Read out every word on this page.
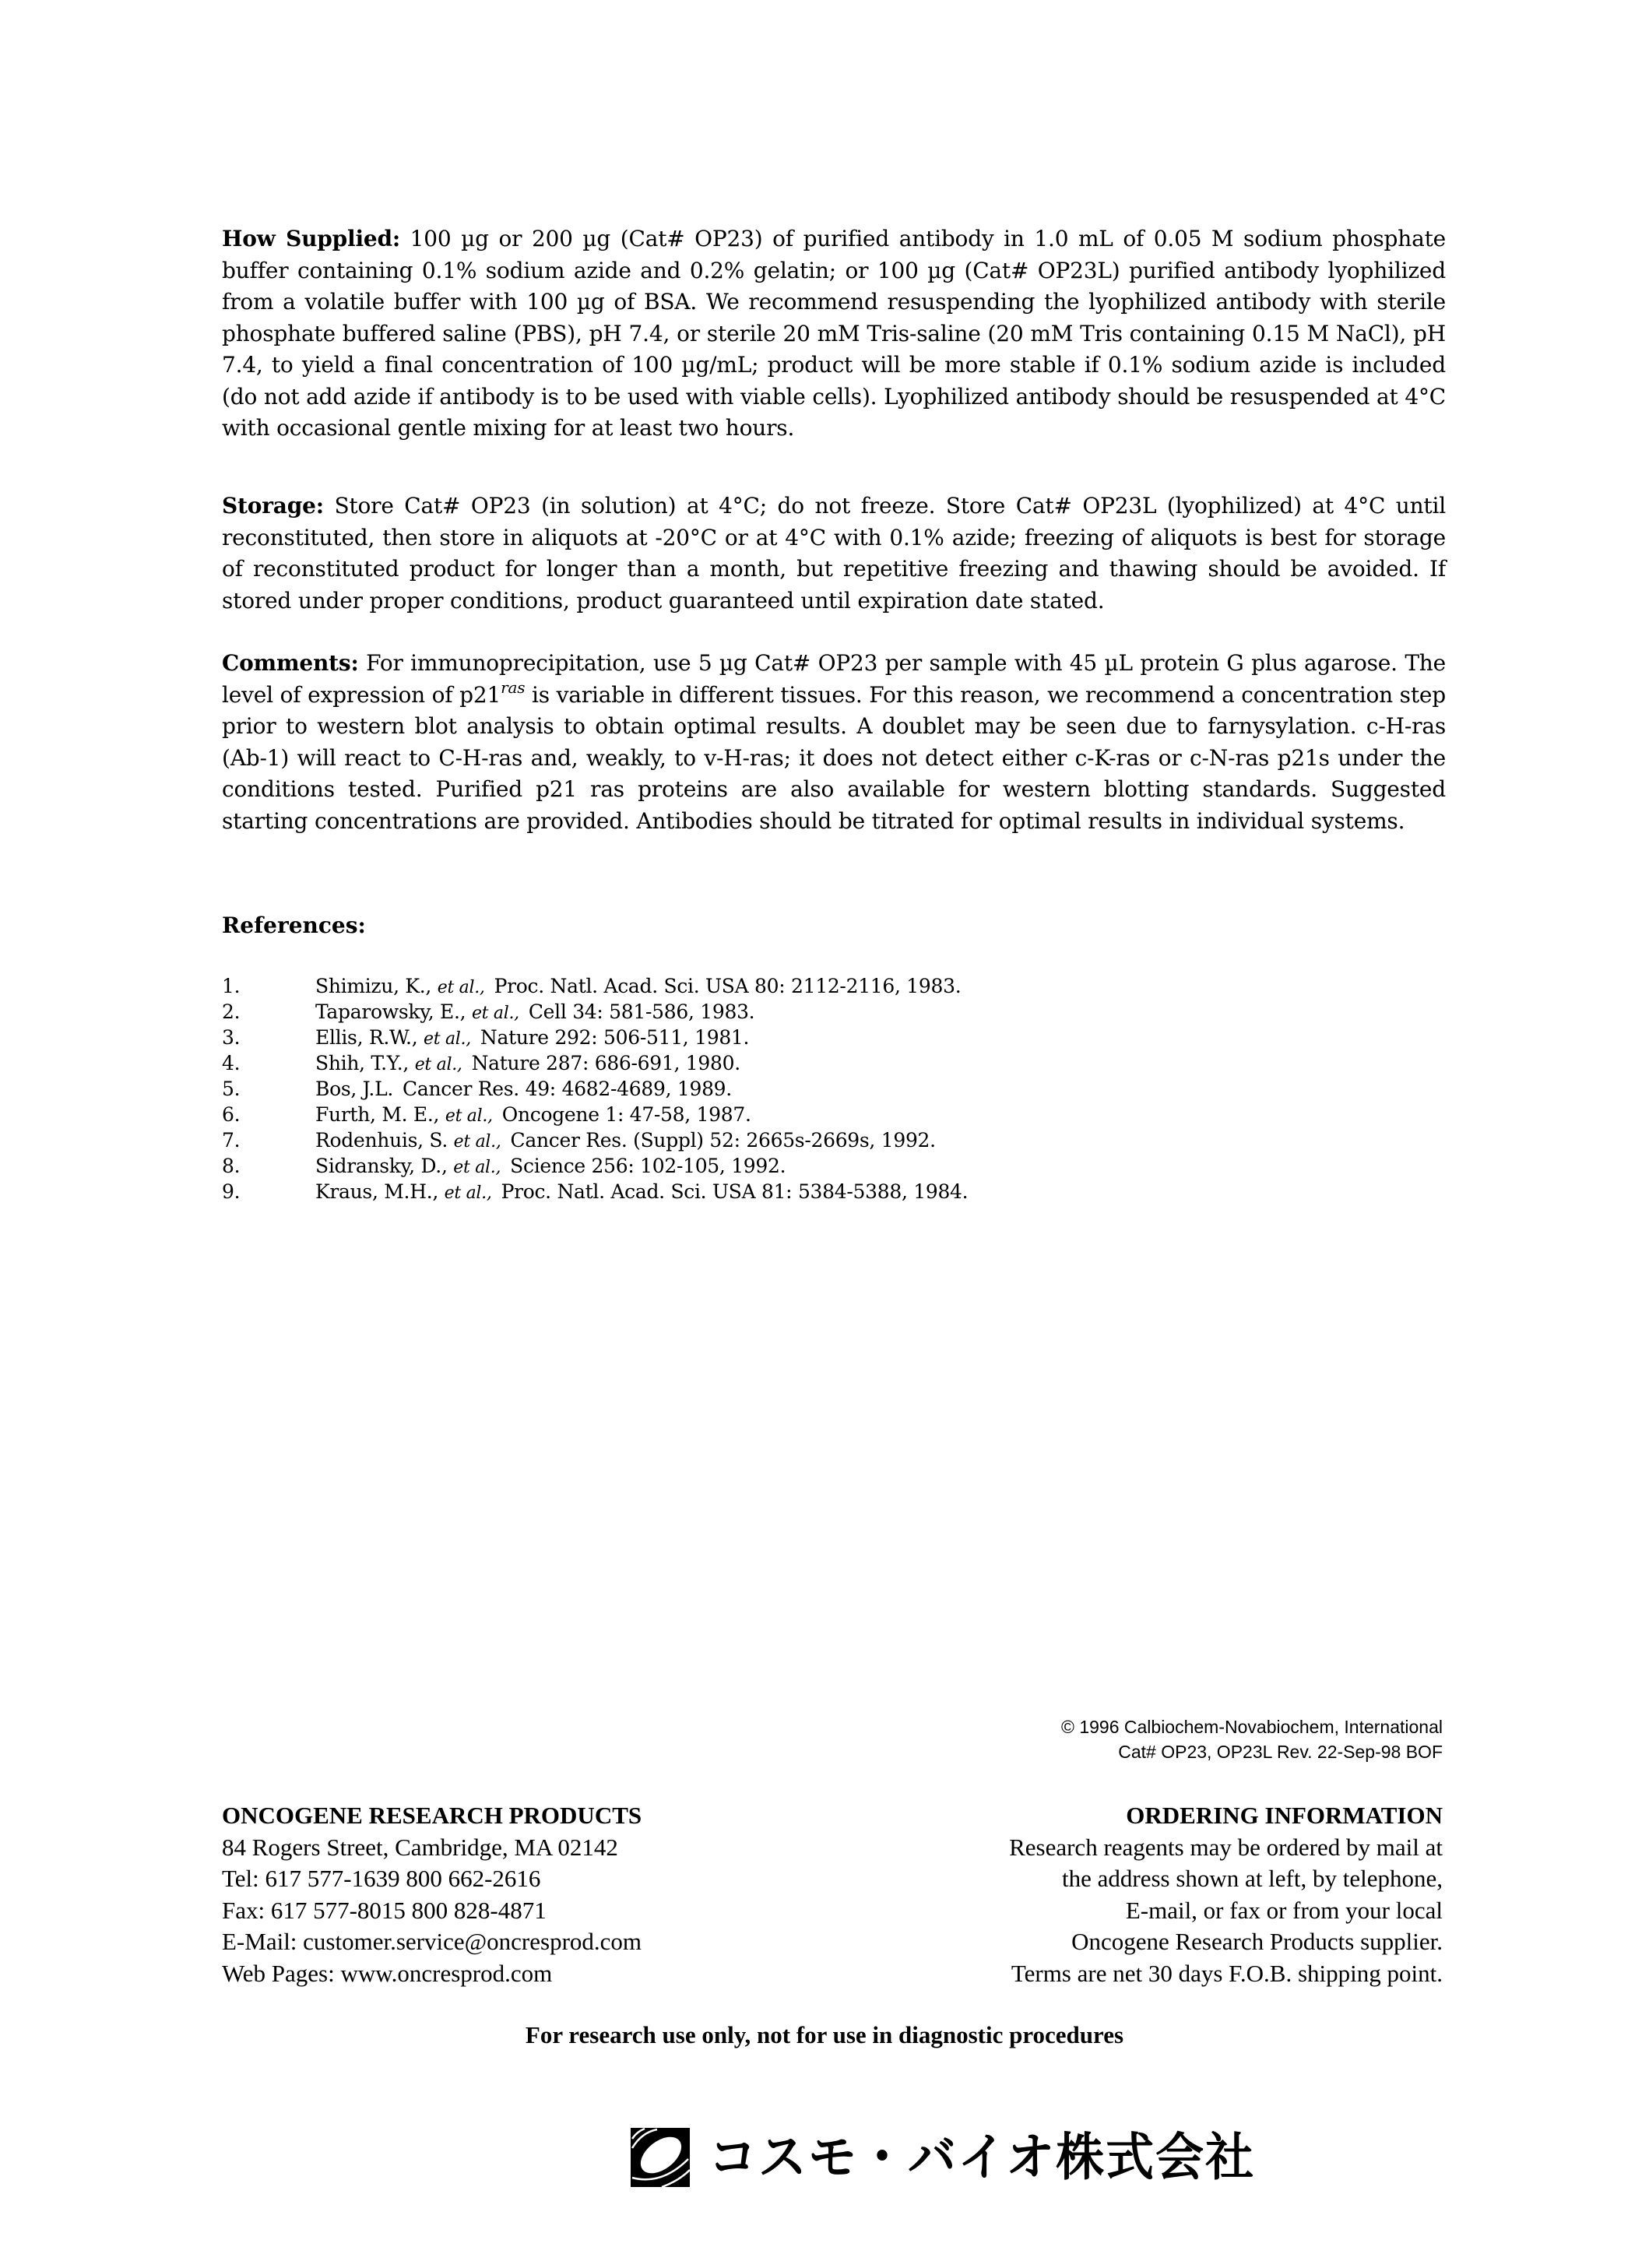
How Supplied: 100 µg or 200 µg (Cat# OP23) of purified antibody in 1.0 mL of 0.05 M sodium phosphate buffer containing 0.1% sodium azide and 0.2% gelatin; or 100 µg (Cat# OP23L) purified antibody lyophilized from a volatile buffer with 100 µg of BSA. We recommend resuspending the lyophilized antibody with sterile phosphate buffered saline (PBS), pH 7.4, or sterile 20 mM Tris-saline (20 mM Tris containing 0.15 M NaCl), pH 7.4, to yield a final concentration of 100 µg/mL; product will be more stable if 0.1% sodium azide is included (do not add azide if antibody is to be used with viable cells). Lyophilized antibody should be resuspended at 4°C with occasional gentle mixing for at least two hours.
Storage: Store Cat# OP23 (in solution) at 4°C; do not freeze. Store Cat# OP23L (lyophilized) at 4°C until reconstituted, then store in aliquots at -20°C or at 4°C with 0.1% azide; freezing of aliquots is best for storage of reconstituted product for longer than a month, but repetitive freezing and thawing should be avoided. If stored under proper conditions, product guaranteed until expiration date stated.
Comments: For immunoprecipitation, use 5 µg Cat# OP23 per sample with 45 µL protein G plus agarose. The level of expression of $p21^{ras}$ is variable in different tissues. For this reason, we recommend a concentration step prior to western blot analysis to obtain optimal results. A doublet may be seen due to farnysylation. c-H-ras (Ab-1) will react to C-H-ras and, weakly, to v-H-ras; it does not detect either c-K-ras or c-N-ras p21s under the conditions tested. Purified p21 ras proteins are also available for western blotting standards. Suggested starting concentrations are provided. Antibodies should be titrated for optimal results in individual systems.
References:
1.	Shimizu, K., et al., Proc. Natl. Acad. Sci. USA 80: 2112-2116, 1983.
2.	Taparowsky, E., et al., Cell 34: 581-586, 1983.
3.	Ellis, R.W., et al., Nature 292: 506-511, 1981.
4.	Shih, T.Y., et al., Nature 287: 686-691, 1980.
5.	Bos, J.L. Cancer Res. 49: 4682-4689, 1989.
6.	Furth, M. E., et al., Oncogene 1: 47-58, 1987.
7.	Rodenhuis, S. et al., Cancer Res. (Suppl) 52: 2665s-2669s, 1992.
8.	Sidransky, D., et al., Science 256: 102-105, 1992.
9.	Kraus, M.H., et al., Proc. Natl. Acad. Sci. USA 81: 5384-5388, 1984.
© 1996 Calbiochem-Novabiochem, International
Cat# OP23, OP23L Rev. 22-Sep-98 BOF
ONCOGENE RESEARCH PRODUCTS
84 Rogers Street, Cambridge, MA 02142
Tel: 617 577-1639 800 662-2616
Fax: 617 577-8015 800 828-4871
E-Mail: customer.service@oncresprod.com
Web Pages: www.oncresprod.com
ORDERING INFORMATION
Research reagents may be ordered by mail at
the address shown at left, by telephone,
E-mail, or fax or from your local
Oncogene Research Products supplier.
Terms are net 30 days F.O.B. shipping point.
For research use only, not for use in diagnostic procedures
コスモ・バイオ株式会社
